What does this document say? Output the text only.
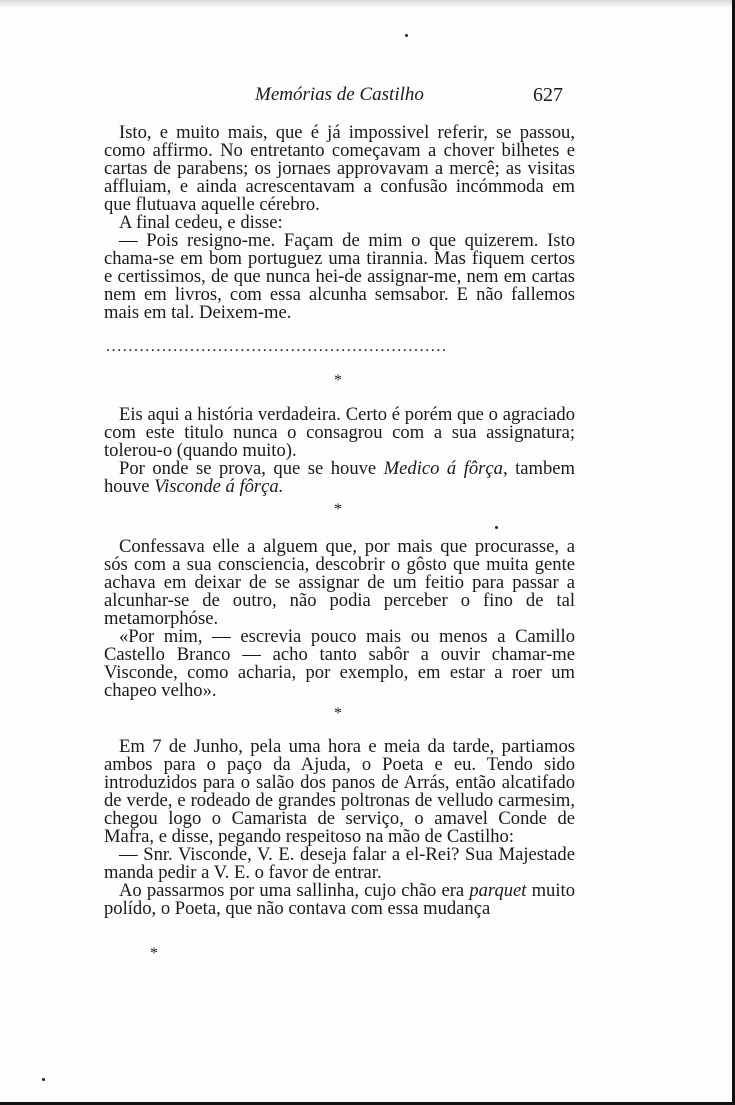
Memórias de Castilho	627

Isto, e muito mais, que é já impossivel referir, se passou, como affirmo. No entretanto começavam a chover bilhetes e cartas de parabens; os jornaes approvavam a mercê; as visitas affluiam, e ainda acrescentavam a confusão incómmoda em que flutuava aquelle cérebro.

A final cedeu, e disse:

— Pois resigno-me. Façam de mim o que quizerem. Isto chama-se em bom portuguez uma tirannia. Mas fiquem certos e certissimos, de que nunca hei-de assignar-me, nem em cartas nem em livros, com essa alcunha semsabor. E não fallemos mais em tal. Deixem-me.

.............................................................
*

Eis aqui a história verdadeira. Certo é porém que o agraciado com este titulo nunca o consagrou com a sua assignatura; tolerou-o (quando muito).

Por onde se prova, que se houve Medico á fôrça, tambem houve Visconde á fôrça.

*

Confessava elle a alguem que, por mais que procurasse, a sós com a sua consciencia, descobrir o gôsto que muita gente achava em deixar de se assignar de um feitio para passar a alcunhar-se de outro, não podia perceber o fino de tal metamorphóse.

«Por mim, — escrevia pouco mais ou menos a Camillo Castello Branco — acho tanto sabôr a ouvir chamar-me Visconde, como acharia, por exemplo, em estar a roer um chapeo velho».

*

Em 7 de Junho, pela uma hora e meia da tarde, partiamos ambos para o paço da Ajuda, o Poeta e eu. Tendo sido introduzidos para o salão dos panos de Arrás, então alcatifado de verde, e rodeado de grandes poltronas de velludo carmesim, chegou logo o Camarista de serviço, o amavel Conde de Mafra, e disse, pegando respeitoso na mão de Castilho:

— Snr. Visconde, V. E. deseja falar a el-Rei? Sua Majestade manda pedir a V. E. o favor de entrar.

Ao passarmos por uma sallinha, cujo chão era parquet muito polído, o Poeta, que não contava com essa mudança

*
